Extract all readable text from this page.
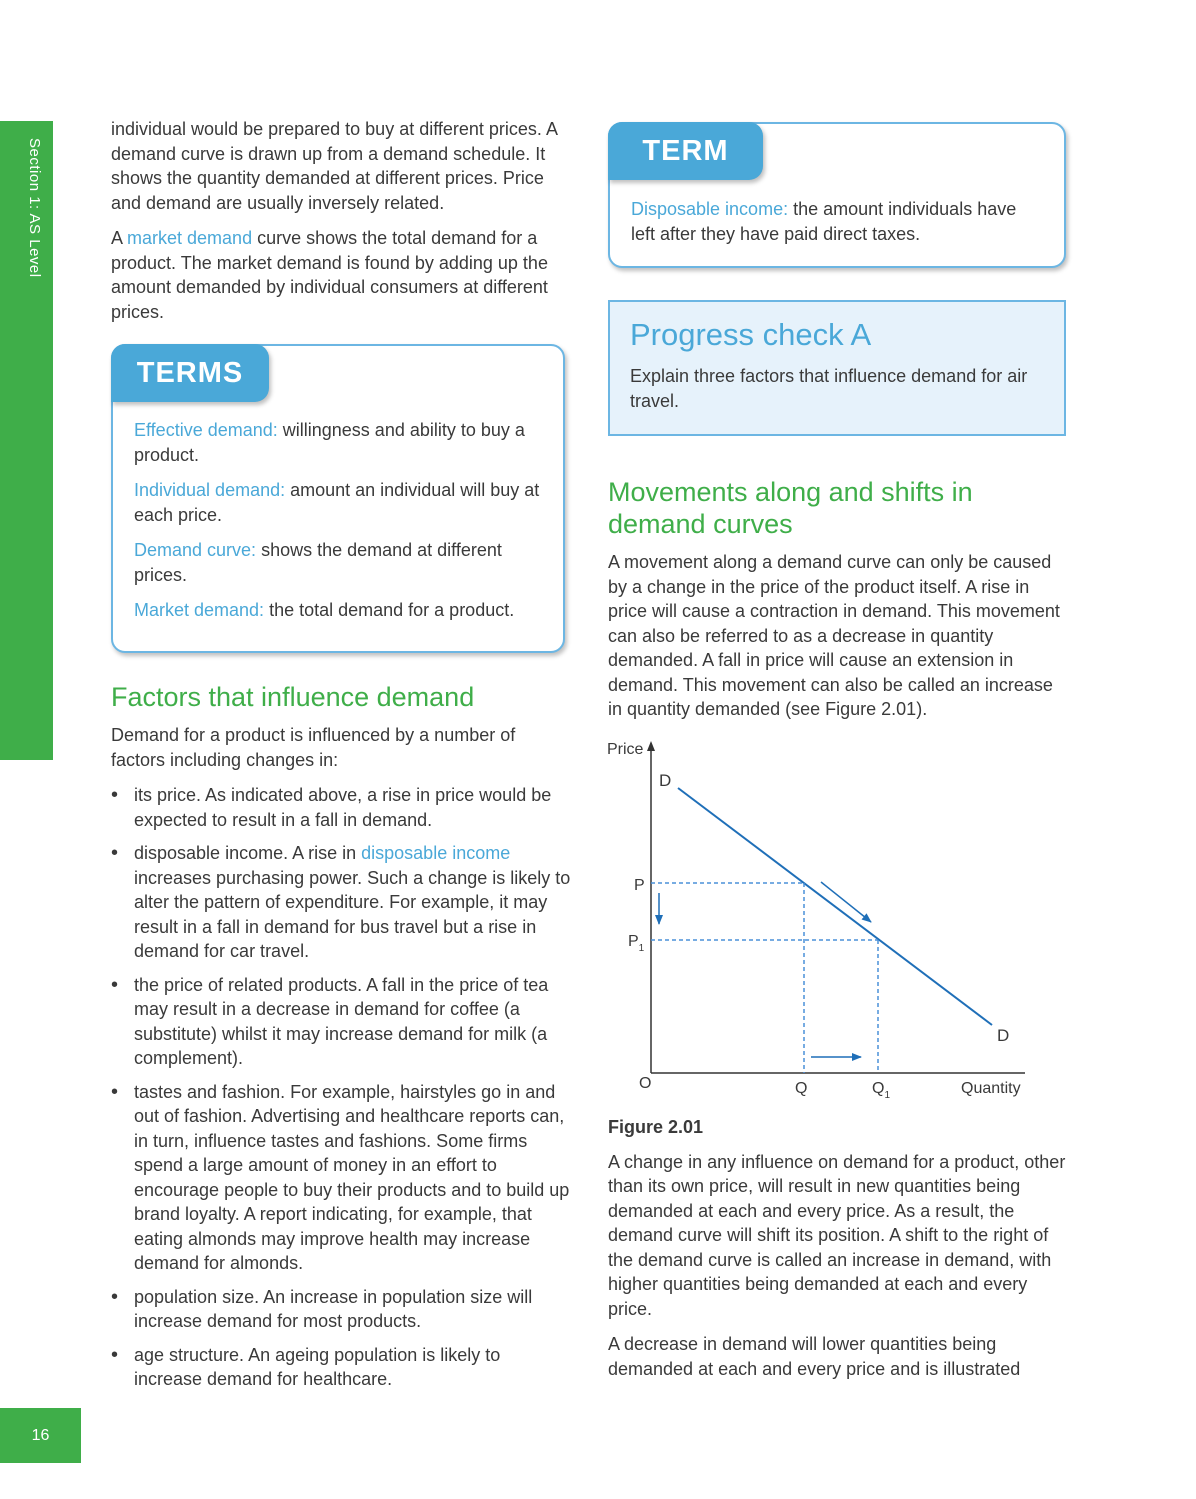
Section 1: AS Level
16

individual would be prepared to buy at different prices. A demand curve is drawn up from a demand schedule. It shows the quantity demanded at different prices. Price and demand are usually inversely related.

A market demand curve shows the total demand for a product. The market demand is found by adding up the amount demanded by individual consumers at different prices.

TERMS

Effective demand: willingness and ability to buy a product.

Individual demand: amount an individual will buy at each price.

Demand curve: shows the demand at different prices.

Market demand: the total demand for a product.

Factors that influence demand

Demand for a product is influenced by a number of factors including changes in:

• its price. As indicated above, a rise in price would be expected to result in a fall in demand.
• disposable income. A rise in disposable income increases purchasing power. Such a change is likely to alter the pattern of expenditure. For example, it may result in a fall in demand for bus travel but a rise in demand for car travel.
• the price of related products. A fall in the price of tea may result in a decrease in demand for coffee (a substitute) whilst it may increase demand for milk (a complement).
• tastes and fashion. For example, hairstyles go in and out of fashion. Advertising and healthcare reports can, in turn, influence tastes and fashions. Some firms spend a large amount of money in an effort to encourage people to buy their products and to build up brand loyalty. A report indicating, for example, that eating almonds may improve health may increase demand for almonds.
• population size. An increase in population size will increase demand for most products.
• age structure. An ageing population is likely to increase demand for healthcare.
TERM

Disposable income: the amount individuals have left after they have paid direct taxes.

Progress check A
Explain three factors that influence demand for air travel.
Movements along and shifts in demand curves

A movement along a demand curve can only be caused by a change in the price of the product itself. A rise in price will cause a contraction in demand. This movement can also be referred to as a decrease in quantity demanded. A fall in price will cause an extension in demand. This movement can also be called an increase in quantity demanded (see Figure 2.01).

Price
Quantity
O
D
D
P
$P_1$
Q	$Q_1$

Figure 2.01

A change in any influence on demand for a product, other than its own price, will result in new quantities being demanded at each and every price. As a result, the demand curve will shift its position. A shift to the right of the demand curve is called an increase in demand, with higher quantities being demanded at each and every price.

A decrease in demand will lower quantities being demanded at each and every price and is illustrated
